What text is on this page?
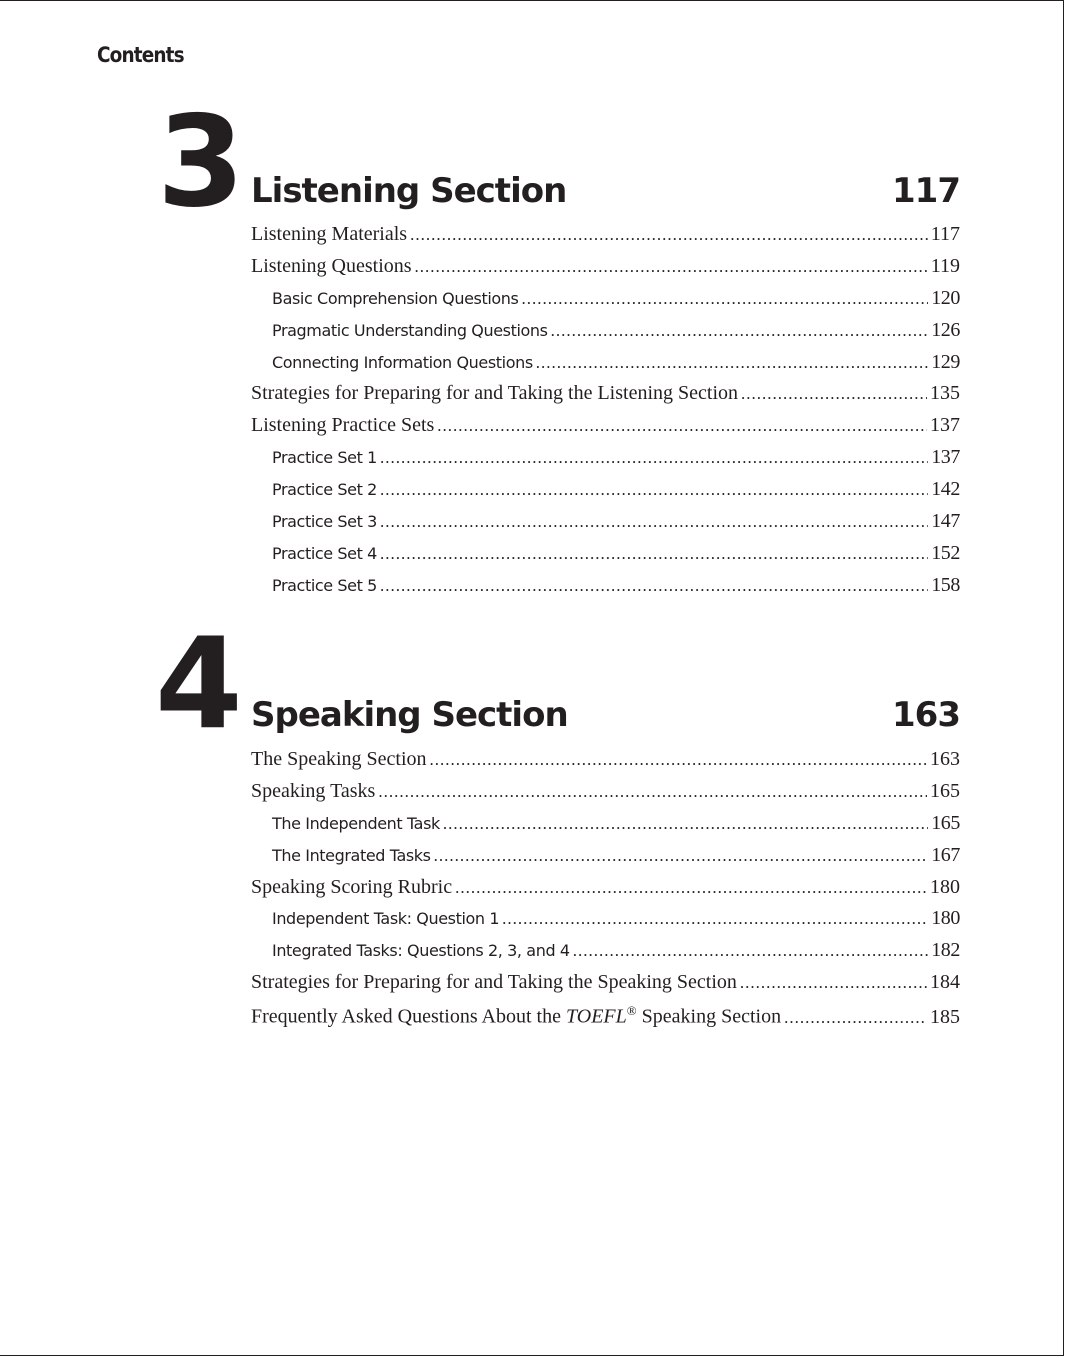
Contents
3 Listening Section	117
Listening Materials .....	117
Listening Questions .....	119
Basic Comprehension Questions .....	120
Pragmatic Understanding Questions .....	126
Connecting Information Questions .....	129
Strategies for Preparing for and Taking the Listening Section .....	135
Listening Practice Sets .....	137
Practice Set 1 .....	137
Practice Set 2 .....	142
Practice Set 3 .....	147
Practice Set 4 .....	152
Practice Set 5 .....	158
4 Speaking Section	163
The Speaking Section .....	163
Speaking Tasks .....	165
The Independent Task .....	165
The Integrated Tasks .....	167
Speaking Scoring Rubric .....	180
Independent Task: Question 1 .....	180
Integrated Tasks: Questions 2, 3, and 4 .....	182
Strategies for Preparing for and Taking the Speaking Section .....	184
Frequently Asked Questions About the TOEFL® Speaking Section .....	185
